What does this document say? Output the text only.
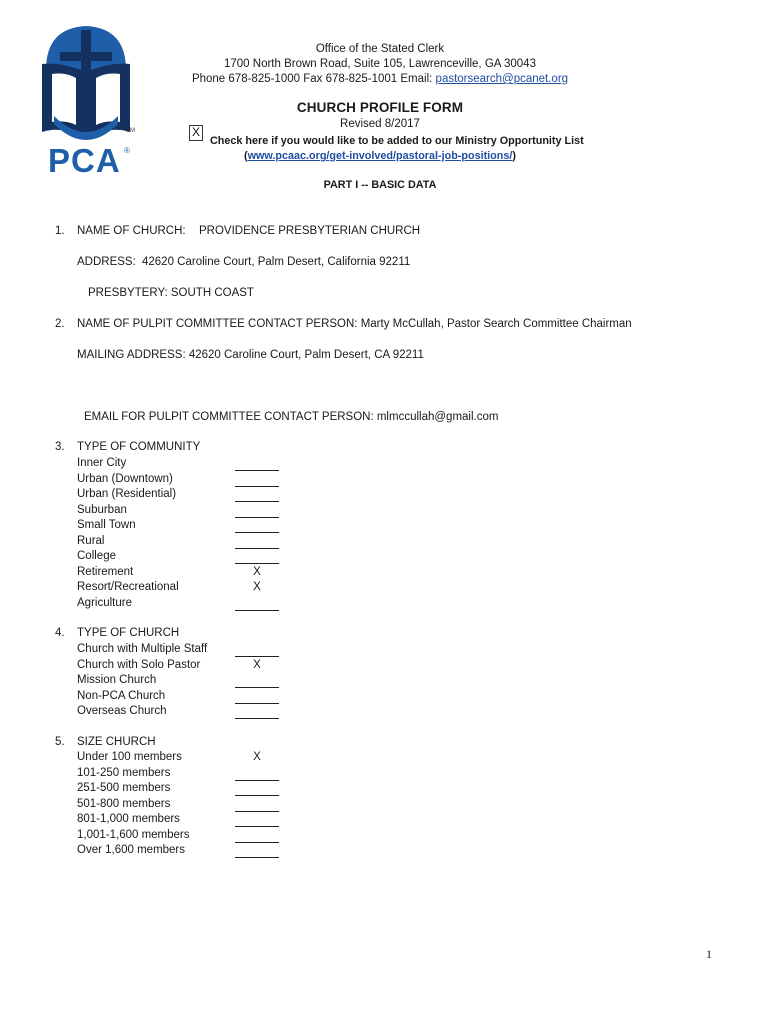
SM
PCA ®
Office of the Stated Clerk
1700 North Brown Road, Suite 105, Lawrenceville, GA 30043
Phone 678-825-1000 Fax 678-825-1001 Email: pastorsearch@pcanet.org
CHURCH PROFILE FORM
Revised 8/2017
X
Check here if you would like to be added to our Ministry Opportunity List
(www.pcaac.org/get-involved/pastoral-job-positions/)
PART I -- BASIC DATA
1. NAME OF CHURCH: PROVIDENCE PRESBYTERIAN CHURCH
ADDRESS: 42620 Caroline Court, Palm Desert, California 92211
PRESBYTERY: SOUTH COAST
2. NAME OF PULPIT COMMITTEE CONTACT PERSON: Marty McCullah, Pastor Search Committee Chairman
MAILING ADDRESS: 42620 Caroline Court, Palm Desert, CA 92211
EMAIL FOR PULPIT COMMITTEE CONTACT PERSON: mlmccullah@gmail.com
3. TYPE OF COMMUNITY
Inner City
Urban (Downtown)
Urban (Residential)
Suburban
Small Town
Rural
College
Retirement	X
Resort/Recreational	X
Agriculture
4. TYPE OF CHURCH
Church with Multiple Staff
Church with Solo Pastor	X
Mission Church
Non-PCA Church
Overseas Church
5. SIZE CHURCH
Under 100 members	X
101-250 members
251-500 members
501-800 members
801-1,000 members
1,001-1,600 members
Over 1,600 members
1
